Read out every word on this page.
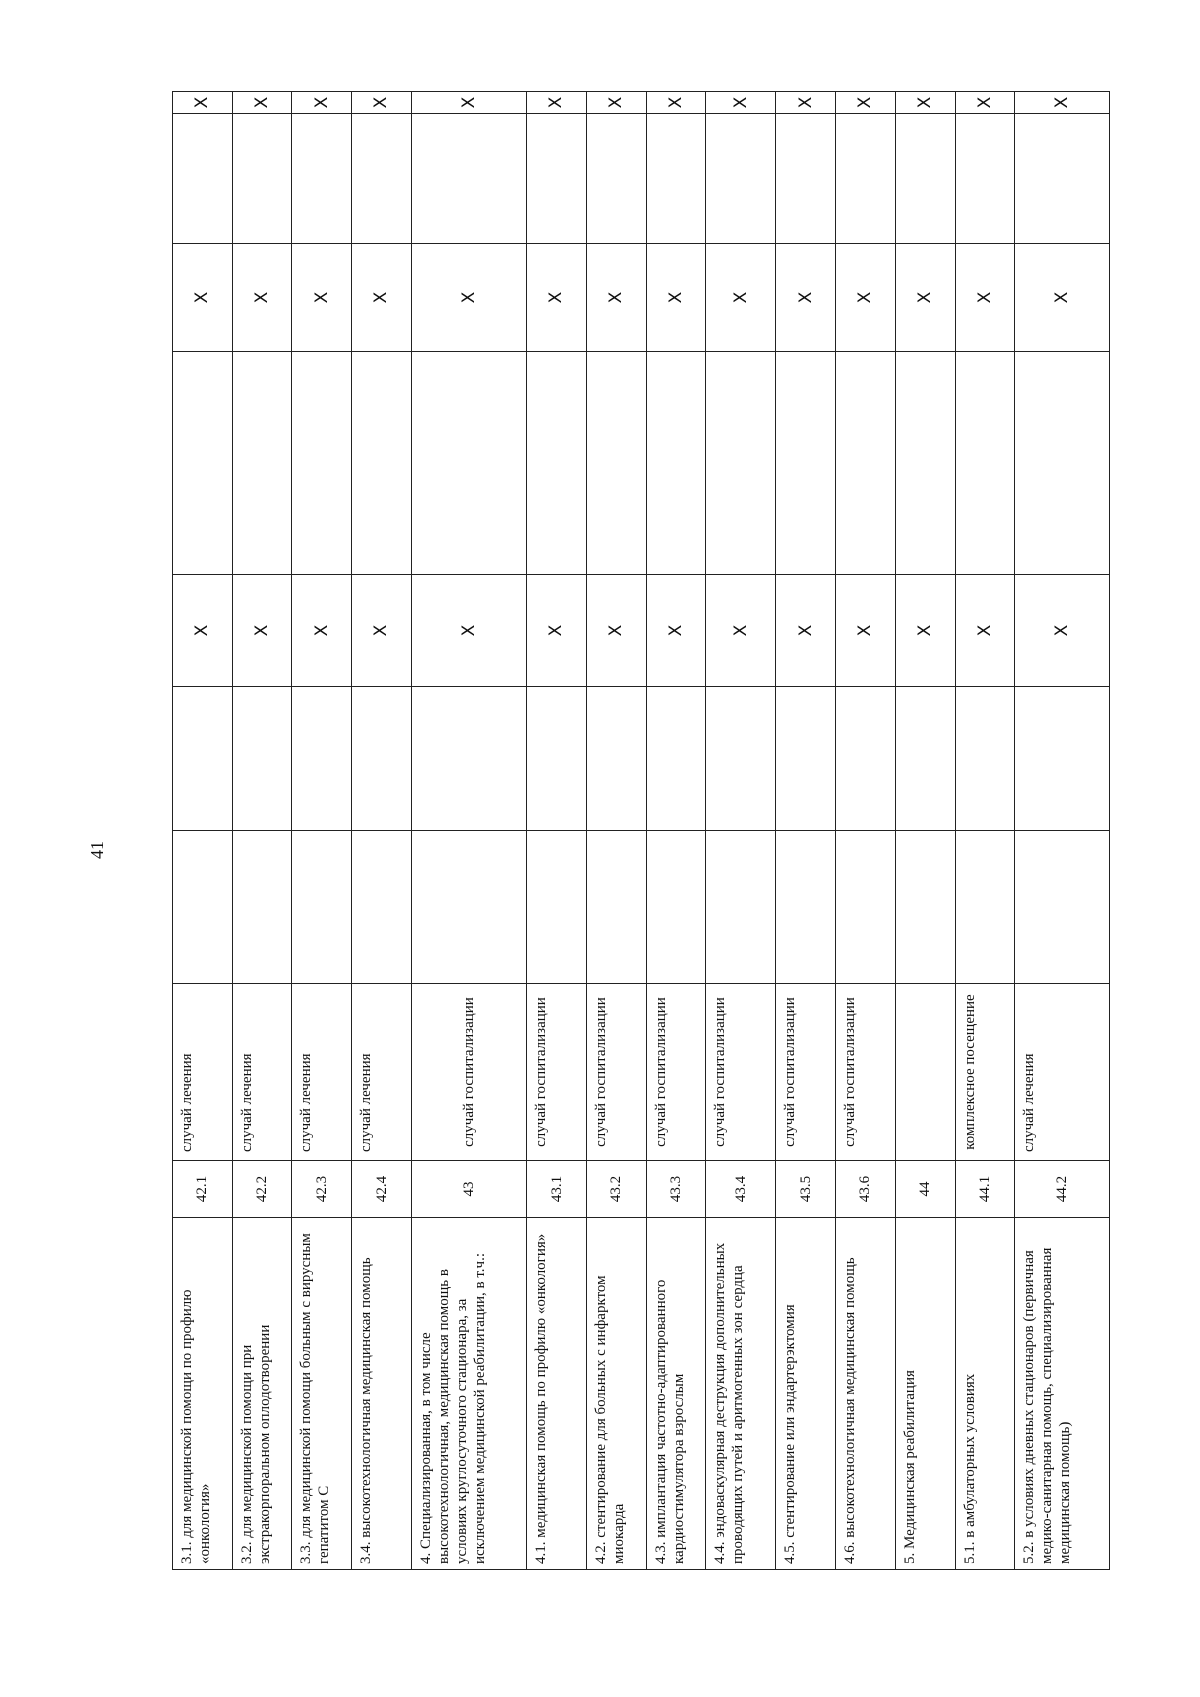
41
3.1. для медицинской помощи по профилю «онкология»	42.1	случай лечения			X		X		X
3.2. для медицинской помощи при экстракорпоральном оплодотворении	42.2	случай лечения			X		X		X
3.3. для медицинской помощи больным с вирусным гепатитом С	42.3	случай лечения			X		X		X
3.4. высокотехнологичная медицинская помощь	42.4	случай лечения			X		X		X
4. Специализированная, в том числе высокотехнологичная, медицинская помощь в условиях круглосуточного стационара, за исключением медицинской реабилитации, в т.ч.:	43	случай госпитализации			X		X		X
4.1. медицинская помощь по профилю «онкология»	43.1	случай госпитализации			X		X		X
4.2. стентирование для больных с инфарктом миокарда	43.2	случай госпитализации			X		X		X
4.3. имплантация частотно-адаптированного кардиостимулятора взрослым	43.3	случай госпитализации			X		X		X
4.4. эндоваскулярная деструкция дополнительных проводящих путей и аритмогенных зон сердца	43.4	случай госпитализации			X		X		X
4.5. стентирование или эндартерэктомия	43.5	случай госпитализации			X		X		X
4.6. высокотехнологичная медицинская помощь	43.6	случай госпитализации			X		X		X
5. Медицинская реабилитация	44				X		X		X
5.1. в амбулаторных условиях	44.1	комплексное посещение			X		X		X
5.2. в условиях дневных стационаров (первичная медико-санитарная помощь, специализированная медицинская помощь)	44.2	случай лечения			X		X		X
